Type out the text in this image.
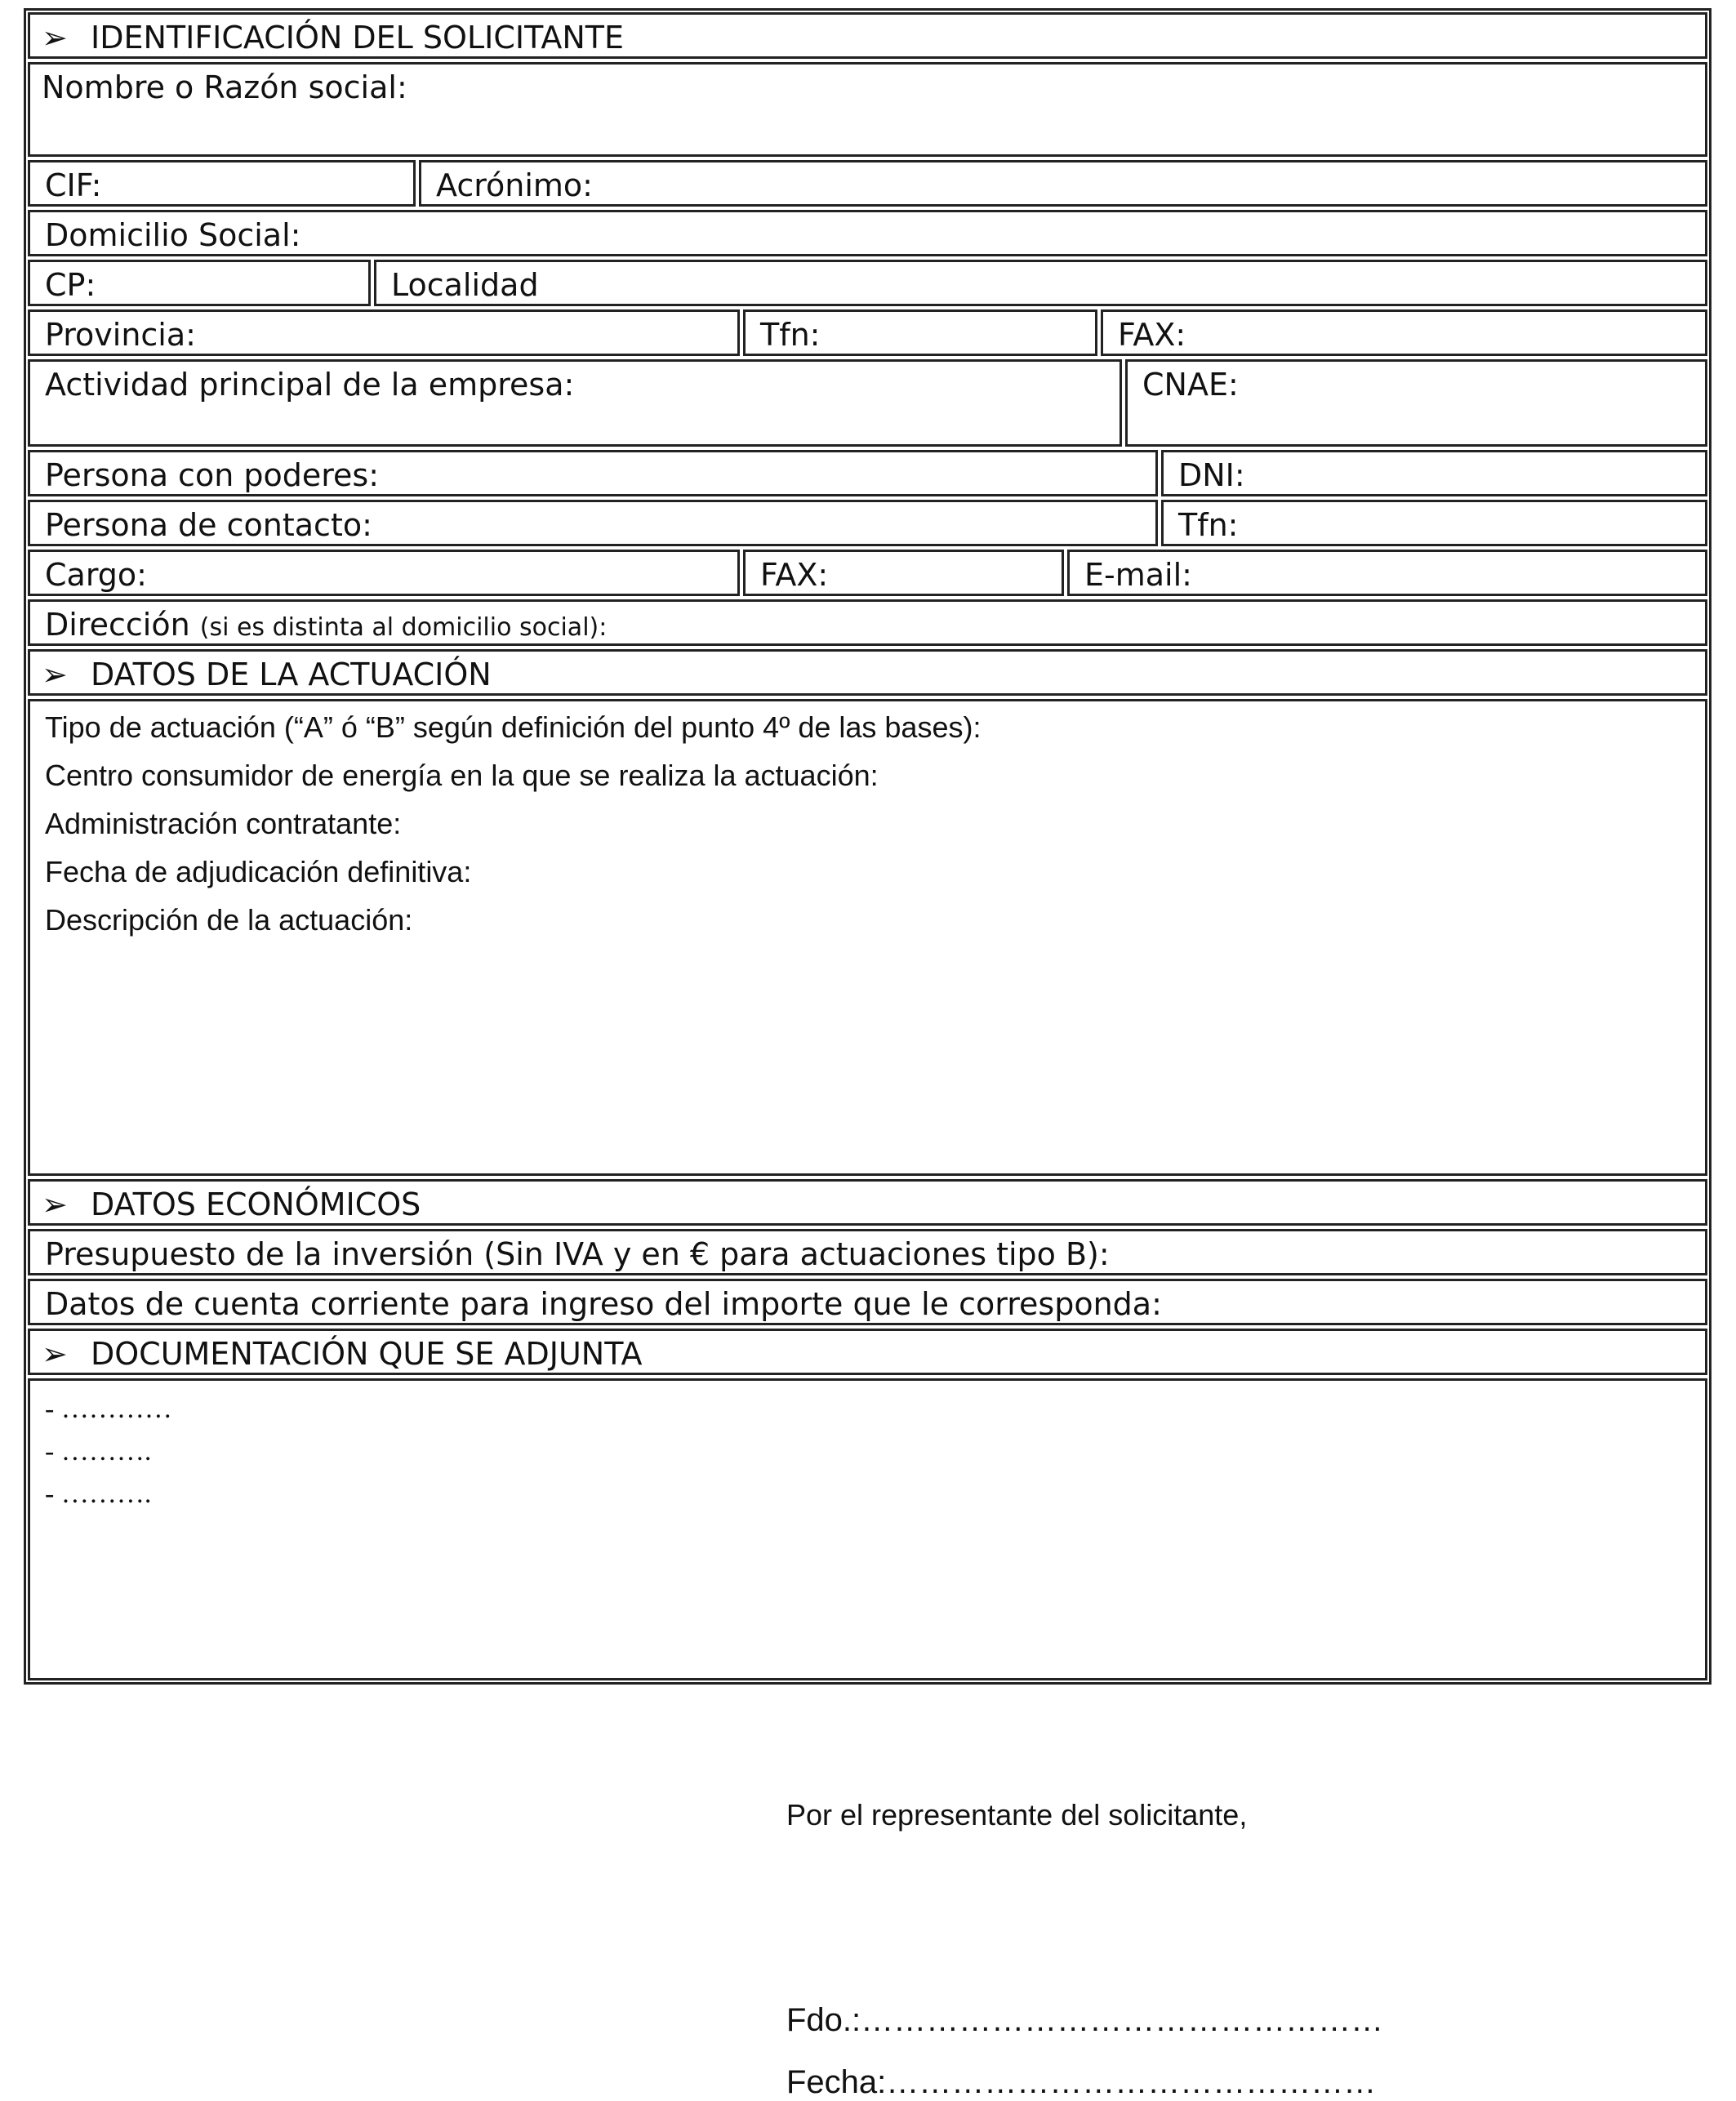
➢ IDENTIFICACIÓN DEL SOLICITANTE
Nombre o Razón social:
CIF:	Acrónimo:
Domicilio Social:
CP:	Localidad
Provincia:	Tfn:	FAX:
Actividad principal de la empresa:	CNAE:
Persona con poderes:	DNI:
Persona de contacto:	Tfn:
Cargo:	FAX:	E-mail:
Dirección (si es distinta al domicilio social):
➢ DATOS DE LA ACTUACIÓN
Tipo de actuación (“A” ó “B” según definición del punto 4º de las bases):
Centro consumidor de energía en la que se realiza la actuación:
Administración contratante:
Fecha de adjudicación definitiva:
Descripción de la actuación:
➢ DATOS ECONÓMICOS
Presupuesto de la inversión (Sin IVA y en € para actuaciones tipo B):
Datos de cuenta corriente para ingreso del importe que le corresponda:
➢ DOCUMENTACIÓN QUE SE ADJUNTA
- …………
- ……….
- ……….
Por el representante del solicitante,
Fdo.:…………………………………………
Fecha:………………………………………
